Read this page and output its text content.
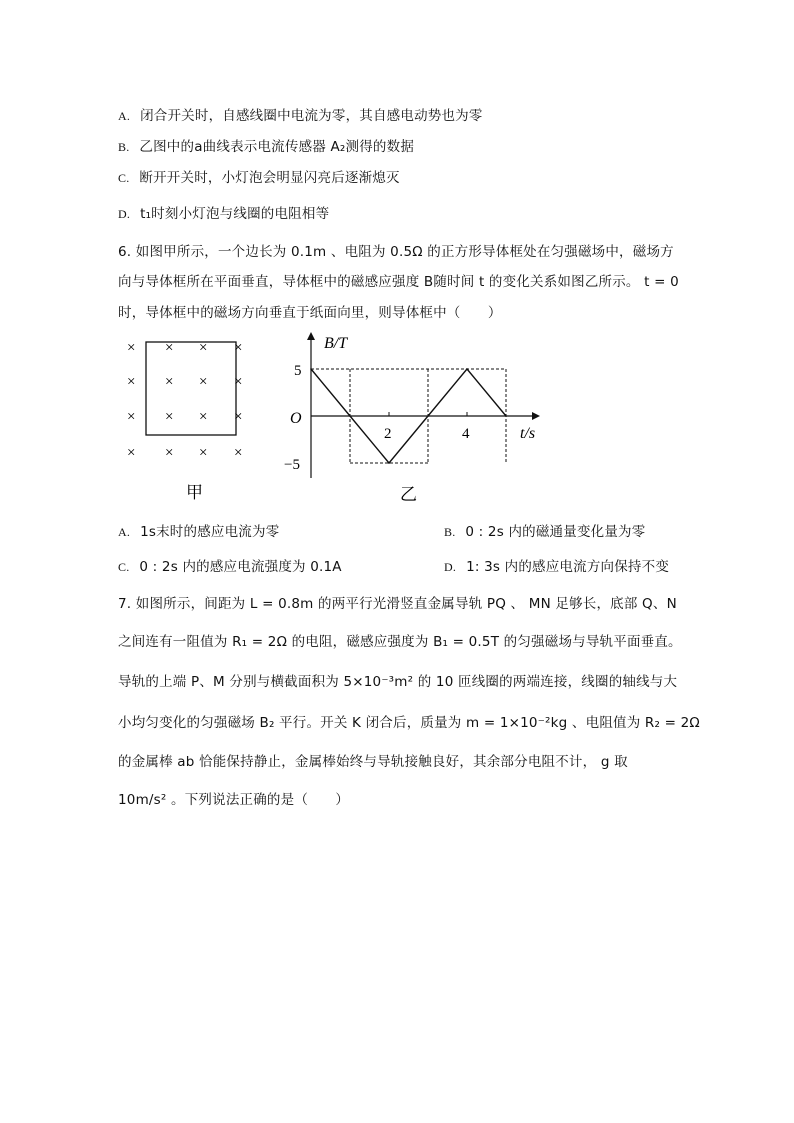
A. 闭合开关时，自感线圈中电流为零，其自感电动势也为零
B. 乙图中的a曲线表示电流传感器 A₂测得的数据
C. 断开开关时，小灯泡会明显闪亮后逐渐熄灭
D. t₁时刻小灯泡与线圈的电阻相等
6. 如图甲所示，一个边长为 0.1m 、电阻为 0.5Ω 的正方形导体框处在匀强磁场中，磁场方
向与导体框所在平面垂直，导体框中的磁感应强度 B随时间 t 的变化关系如图乙所示。 t = 0
时，导体框中的磁场方向垂直于纸面向里，则导体框中（　　）
× × × ×
× × × ×
× × × ×
× × × ×
甲
B/T
t/s
O
5
−5
2	4
乙
A. 1s末时的感应电流为零	B. 0 : 2s 内的磁通量变化量为零
C. 0 : 2s 内的感应电流强度为 0.1A	D. 1: 3s 内的感应电流方向保持不变
7. 如图所示，间距为 L = 0.8m 的两平行光滑竖直金属导轨 PQ 、 MN 足够长，底部 Q、N
之间连有一阻值为 R₁ = 2Ω 的电阻，磁感应强度为 B₁ = 0.5T 的匀强磁场与导轨平面垂直。
导轨的上端 P、M 分别与横截面积为 5×10⁻³m² 的 10 匝线圈的两端连接，线圈的轴线与大
小均匀变化的匀强磁场 B₂ 平行。开关 K 闭合后，质量为 m = 1×10⁻²kg 、电阻值为 R₂ = 2Ω
的金属棒 ab 恰能保持静止，金属棒始终与导轨接触良好，其余部分电阻不计， g 取
10m/s² 。下列说法正确的是（　　）
